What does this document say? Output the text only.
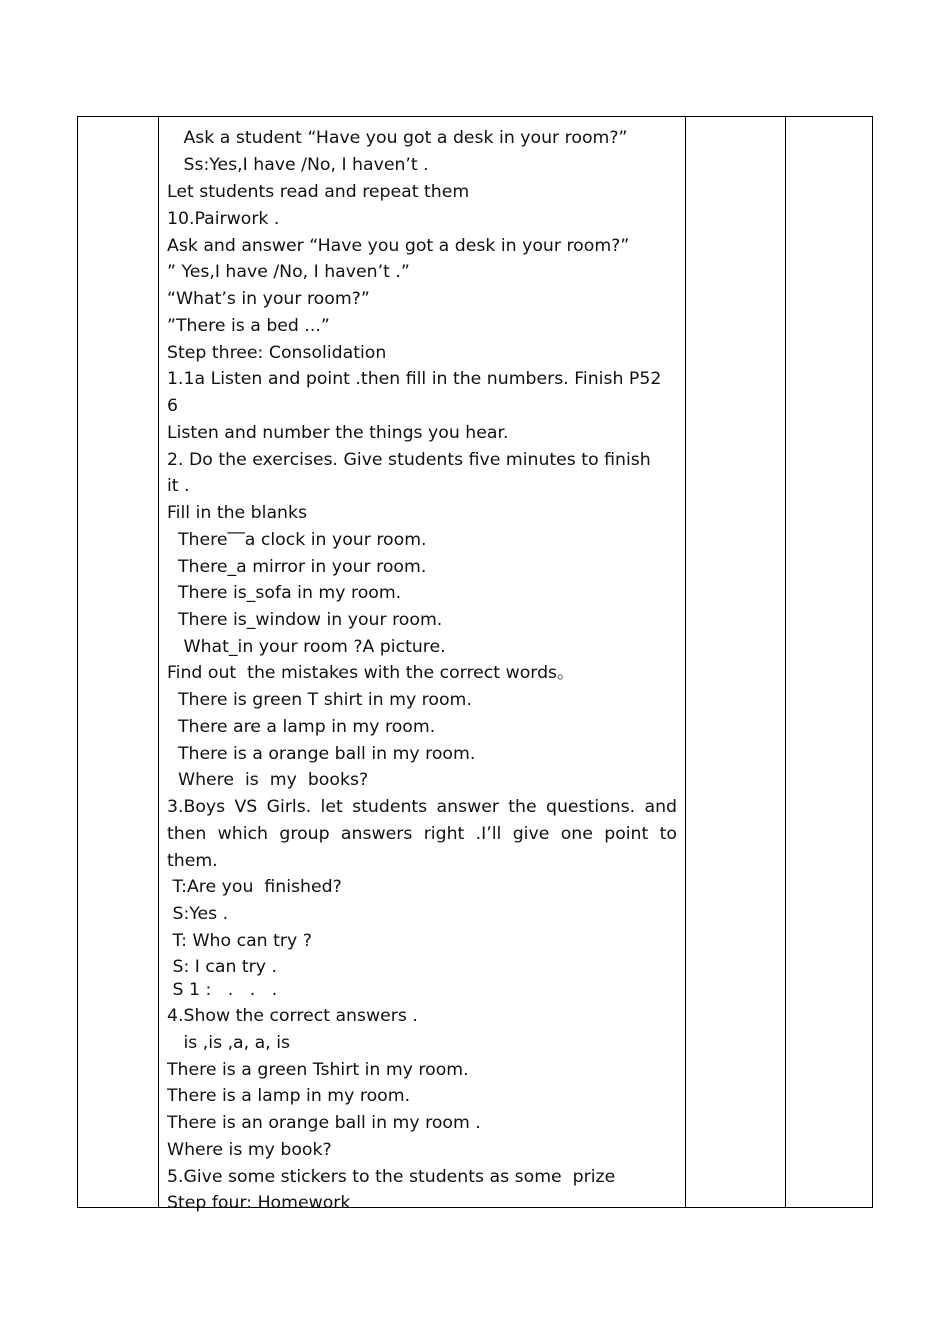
Ask a student “Have you got a desk in your room?”
Ss:Yes,I have /No, I haven’t .
Let students read and repeat them
10.Pairwork .
Ask and answer “Have you got a desk in your room?”
” Yes,I have /No, I haven’t .”
“What’s in your room?”
”There is a bed ...”
Step three: Consolidation
1.1a Listen and point .then fill in the numbers. Finish P52
6
Listen and number the things you hear.
2. Do the exercises. Give students five minutes to finish
it .
Fill in the blanks
There‾‾a clock in your room.
There_a mirror in your room.
There is_sofa in my room.
There is_window in your room.
What_in your room ?A picture.
Find out  the mistakes with the correct words。
There is green T shirt in my room.
There are a lamp in my room.
There is a orange ball in my room.
Where  is  my  books?
3.Boys VS Girls. let students answer the questions. and
then which group answers right .I’ll give one point to
them.
T:Are you  finished?
S:Yes .
T: Who can try ?
S: I can try .
S 1 :   .   .   .
4.Show the correct answers .
is ,is ,a, a, is
There is a green Tshirt in my room.
There is a lamp in my room.
There is an orange ball in my room .
Where is my book?
5.Give some stickers to the students as some  prize
Step four: Homework
